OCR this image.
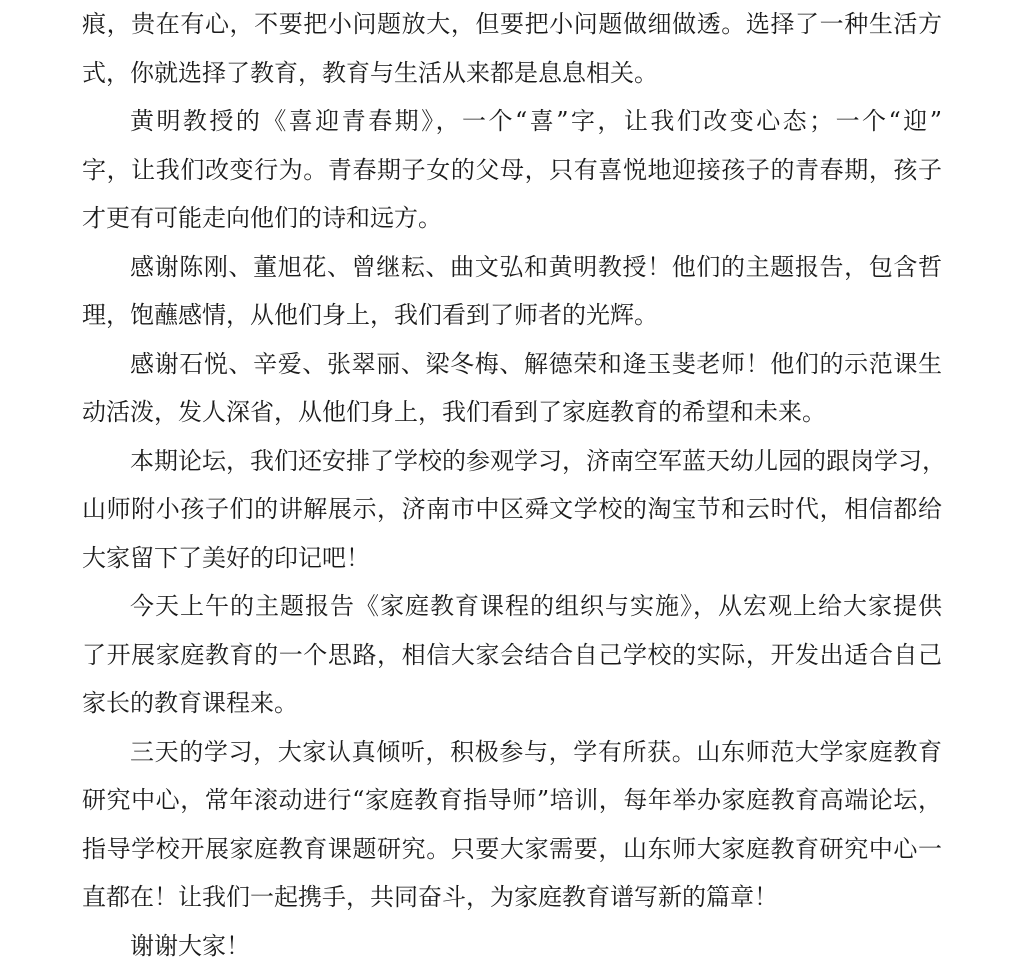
痕，贵在有心，不要把小问题放大，但要把小问题做细做透。选择了一种生活方
式，你就选择了教育，教育与生活从来都是息息相关。

黄明教授的《喜迎青春期》，一个“喜”字，让我们改变心态；一个“迎”
字，让我们改变行为。青春期子女的父母，只有喜悦地迎接孩子的青春期，孩子
才更有可能走向他们的诗和远方。

感谢陈刚、董旭花、曾继耘、曲文弘和黄明教授！他们的主题报告，包含哲
理，饱蘸感情，从他们身上，我们看到了师者的光辉。

感谢石悦、辛爱、张翠丽、梁冬梅、解德荣和逄玉斐老师！他们的示范课生
动活泼，发人深省，从他们身上，我们看到了家庭教育的希望和未来。

本期论坛，我们还安排了学校的参观学习，济南空军蓝天幼儿园的跟岗学习，
山师附小孩子们的讲解展示，济南市中区舜文学校的淘宝节和云时代，相信都给
大家留下了美好的印记吧！

今天上午的主题报告《家庭教育课程的组织与实施》，从宏观上给大家提供
了开展家庭教育的一个思路，相信大家会结合自己学校的实际，开发出适合自己
家长的教育课程来。

三天的学习，大家认真倾听，积极参与，学有所获。山东师范大学家庭教育
研究中心，常年滚动进行“家庭教育指导师”培训，每年举办家庭教育高端论坛，
指导学校开展家庭教育课题研究。只要大家需要，山东师大家庭教育研究中心一
直都在！让我们一起携手，共同奋斗，为家庭教育谱写新的篇章！

谢谢大家！
